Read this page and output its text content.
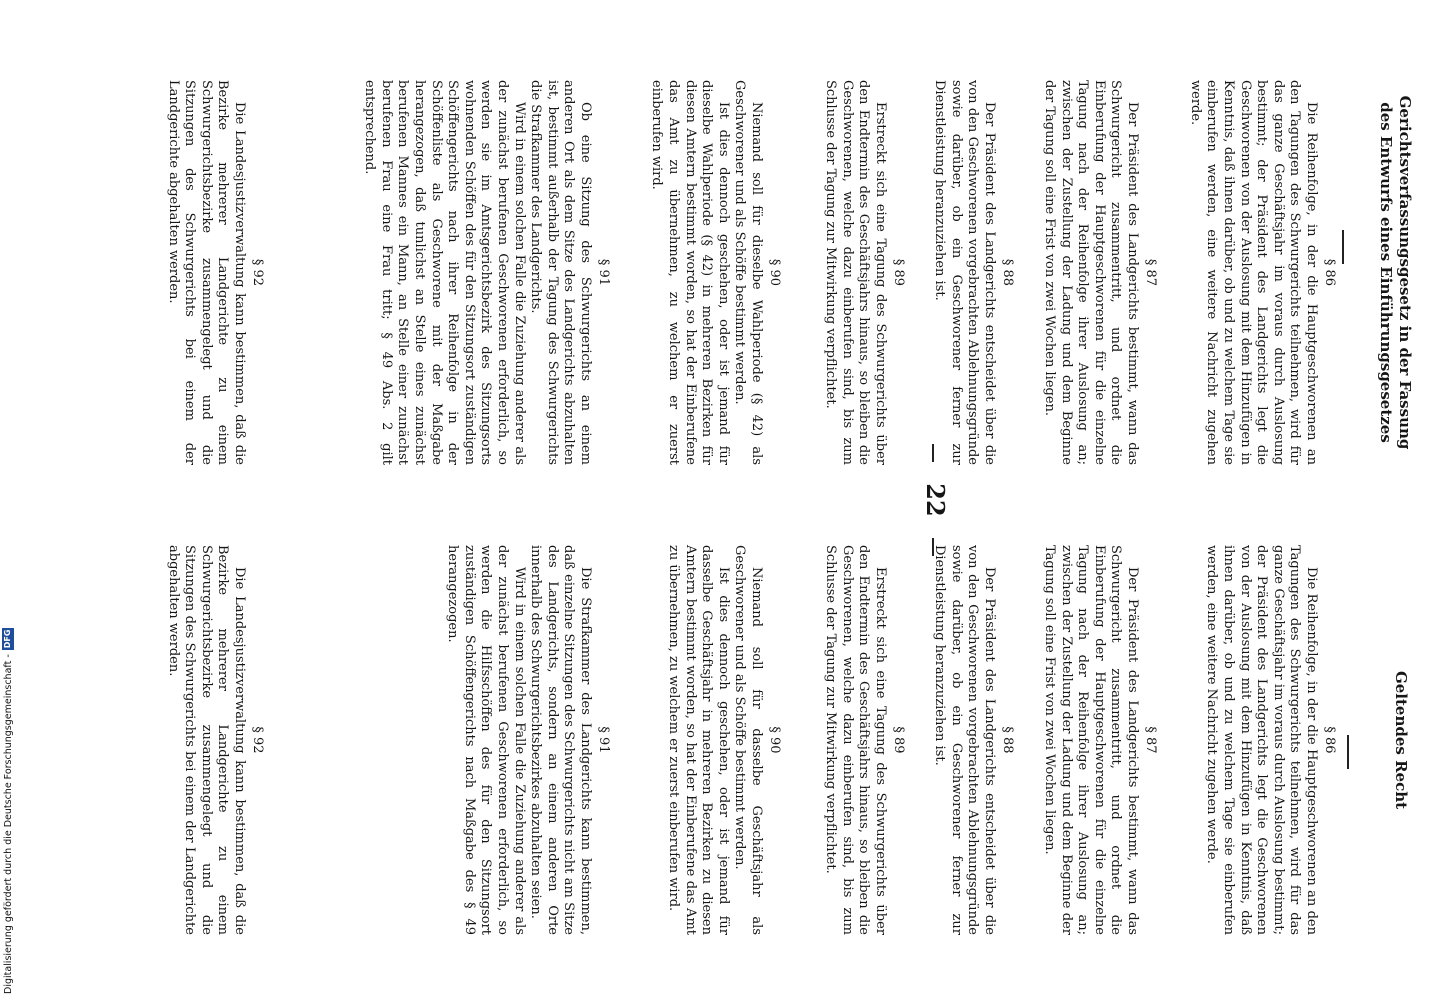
22
Gerichtsverfassungsgesetz in der Fassung des Entwurfs eines Einführungsgesetzes
§ 86

Die Reihenfolge, in der die Hauptgeschworenen an den Tagungen des Schwurgerichts teilnehmen, wird für das ganze Geschäftsjahr im voraus durch Auslosung bestimmt; der Präsident des Landgerichts legt die Geschworenen von der Auslosung mit dem Hinzufügen in Kenntnis, daß ihnen darüber, ob und zu welchem Tage sie einberufen werden, eine weitere Nachricht zugehen werde.

§ 87

Der Präsident des Landgerichts bestimmt, wann das Schwurgericht zusammentritt, und ordnet die Einberufung der Hauptgeschworenen für die einzelne Tagung nach der Reihenfolge ihrer Auslosung an; zwischen der Zustellung der Ladung und dem Beginne der Tagung soll eine Frist von zwei Wochen liegen.

§ 88

Der Präsident des Landgerichts entscheidet über die von den Geschworenen vorgebrachten Ablehnungsgründe sowie darüber, ob ein Geschworener ferner zur Dienstleistung heranzuziehen ist.

§ 89

Erstreckt sich eine Tagung des Schwurgerichts über den Endtermin des Geschäftsjahrs hinaus, so bleiben die Geschworenen, welche dazu einberufen sind, bis zum Schlusse der Tagung zur Mitwirkung verpflichtet.

§ 90

Niemand soll für dieselbe Wahlperiode (§ 42) als Geschworener und als Schöffe bestimmt werden.

Ist dies dennoch geschehen, oder ist jemand für dieselbe Wahlperiode (§ 42) in mehreren Bezirken für diesen Amtern bestimmt worden, so hat der Einberufene das Amt zu übernehmen, zu welchem er zuerst einberufen wird.

§ 91

Ob eine Sitzung des Schwurgerichts an einem anderen Ort als dem Sitze des Landgerichts abzuhalten ist, bestimmt außerhalb der Tagung des Schwurgerichts die Strafkammer des Landgerichts.

Wird in einem solchen Falle die Zuziehung anderer als der zunächst berufenen Geschworenen erforderlich, so werden sie im Amtsgerichtsbezirk des Sitzungsorts wohnenden Schöffen des für den Sitzungsort zuständigen Schöffengerichts nach ihrer Reihenfolge in der Schöffenliste als Geschworene mit der Maßgabe herangezogen, daß tunlichst an Stelle eines zunächst berufenen Mannes ein Mann, an Stelle einer zunächst berufenen Frau eine Frau tritt; § 49 Abs. 2 gilt entsprechend.

§ 92

Die Landesjustizverwaltung kann bestimmen, daß die Bezirke mehrerer Landgerichte zu einem Schwurgerichtsbezirke zusammengelegt und die Sitzungen des Schwurgerichts bei einem der Landgerichte abgehalten werden.

Geltendes Recht
§ 86

Die Reihenfolge, in der die Hauptgeschworenen an den Tagungen des Schwurgerichts teilnehmen, wird für das ganze Geschäftsjahr im voraus durch Auslosung bestimmt; der Präsident des Landgerichts legt die Geschworenen von der Auslosung mit dem Hinzufügen in Kenntnis, daß ihnen darüber, ob und zu welchem Tage sie einberufen werden, eine weitere Nachricht zugehen werde.

§ 87

Der Präsident des Landgerichts bestimmt, wann das Schwurgericht zusammentritt, und ordnet die Einberufung der Hauptgeschworenen für die einzelne Tagung nach der Reihenfolge ihrer Auslosung an; zwischen der Zustellung der Ladung und dem Beginne der Tagung soll eine Frist von zwei Wochen liegen.

§ 88

Der Präsident des Landgerichts entscheidet über die von den Geschworenen vorgebrachten Ablehnungsgründe sowie darüber, ob ein Geschworener ferner zur Dienstleistung heranzuziehen ist.

§ 89

Erstreckt sich eine Tagung des Schwurgerichts über den Endtermin des Geschäftsjahrs hinaus, so bleiben die Geschworenen, welche dazu einberufen sind, bis zum Schlusse der Tagung zur Mitwirkung verpflichtet.

§ 90

Niemand soll für dasselbe Geschäftsjahr als Geschworener und als Schöffe bestimmt werden.

Ist dies dennoch geschehen, oder ist jemand für dasselbe Geschäftsjahr in mehreren Bezirken zu diesen Amtern bestimmt worden, so hat der Einberufene das Amt zu übernehmen, zu welchem er zuerst einberufen wird.

§ 91

Die Strafkammer des Landgerichts kann bestimmen, daß einzelne Sitzungen des Schwurgerichts nicht am Sitze des Landgerichts, sondern an einem anderen Orte innerhalb des Schwurgerichtsbezirkes abzuhalten seien.

Wird in einem solchen Falle die Zuziehung anderer als der zunächst berufenen Geschworenen erforderlich, so werden die Hilfsschöffen des für den Sitzungsort zuständigen Schöffengerichts nach Maßgabe des § 49 herangezogen.

§ 92

Die Landesjustizverwaltung kann bestimmen, daß die Bezirke mehrerer Landgerichte zu einem Schwurgerichtsbezirke zusammengelegt und die Sitzungen des Schwurgerichts bei einem der Landgerichte abgehalten werden.

Digitalisierung gefördert durch die Deutsche Forschungsgemeinschaft -
DFG
